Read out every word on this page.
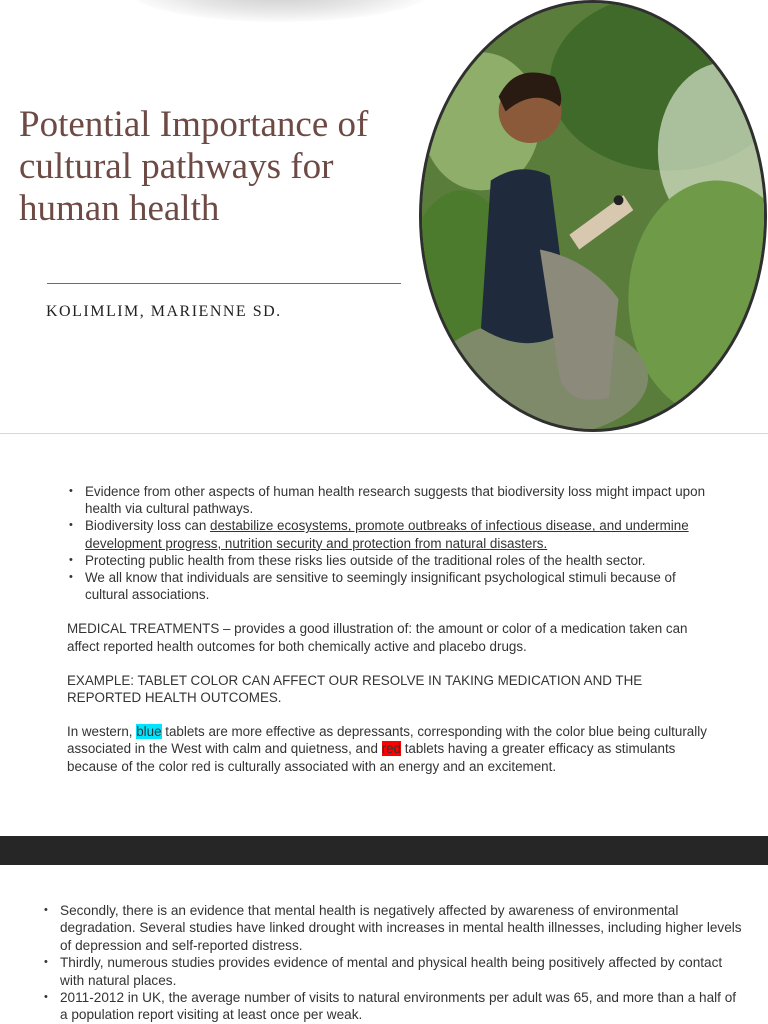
Potential Importance of cultural pathways for human health
KOLIMLIM, MARIENNE SD.
• Evidence from other aspects of human health research suggests that biodiversity loss might impact upon health via cultural pathways.
• Biodiversity loss can destabilize ecosystems, promote outbreaks of infectious disease, and undermine development progress, nutrition security and protection from natural disasters.
• Protecting public health from these risks lies outside of the traditional roles of the health sector.
• We all know that individuals are sensitive to seemingly insignificant psychological stimuli because of cultural associations.

MEDICAL TREATMENTS – provides a good illustration of: the amount or color of a medication taken can affect reported health outcomes for both chemically active and placebo drugs.

EXAMPLE: TABLET COLOR CAN AFFECT OUR RESOLVE IN TAKING MEDICATION AND THE REPORTED HEALTH OUTCOMES.

In western, blue tablets are more effective as depressants, corresponding with the color blue being culturally associated in the West with calm and quietness, and red tablets having a greater efficacy as stimulants because of the color red is culturally associated with an energy and an excitement.

• Secondly, there is an evidence that mental health is negatively affected by awareness of environmental degradation. Several studies have linked drought with increases in mental health illnesses, including higher levels of depression and self-reported distress.
• Thirdly, numerous studies provides evidence of mental and physical health being positively affected by contact with natural places.
• 2011-2012 in UK, the average number of visits to natural environments per adult was 65, and more than a half of a population report visiting at least once per weak.
